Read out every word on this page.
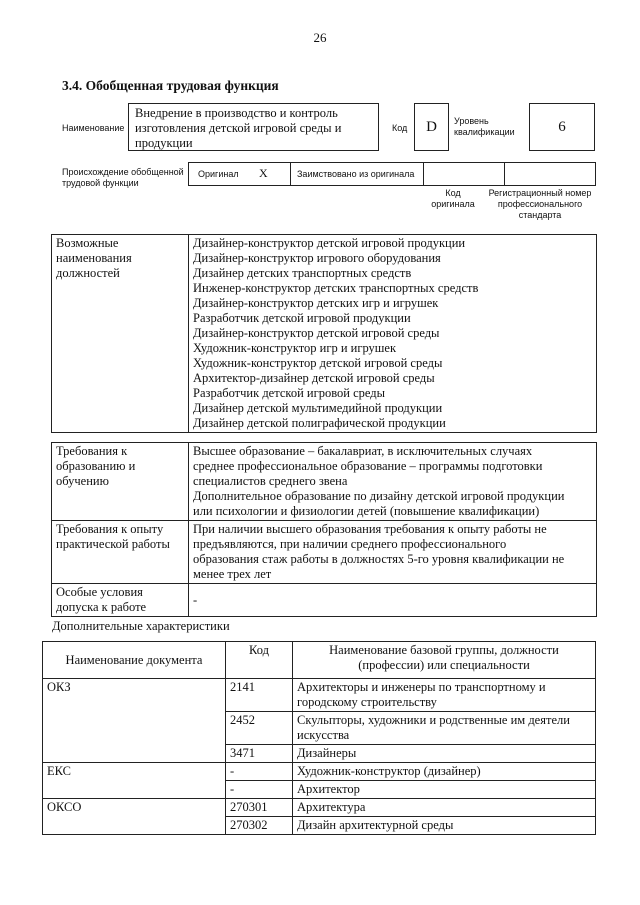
26
3.4. Обобщенная трудовая функция
Наименование
Внедрение в производство и контроль изготовления детской игровой среды и продукции
Код	D	Уровень квалификации	6
Происхождение обобщенной трудовой функции
Оригинал X	Заимствовано из оригинала
Код оригинала
Регистрационный номер профессионального стандарта
Возможные наименования должностей	
Дизайнер-конструктор детской игровой продукции
Дизайнер-конструктор игрового оборудования
Дизайнер детских транспортных средств
Инженер-конструктор детских транспортных средств
Дизайнер-конструктор детских игр и игрушек
Разработчик детской игровой продукции
Дизайнер-конструктор детской игровой среды
Художник-конструктор игр и игрушек
Художник-конструктор детской игровой среды
Архитектор-дизайнер детской игровой среды
Разработчик детской игровой среды
Дизайнер детской мультимедийной продукции
Дизайнер детской полиграфической продукции
Требования к образованию и обучению	Высшее образование – бакалавриат, в исключительных случаях
среднее профессиональное образование – программы подготовки
специалистов среднего звена
Дополнительное образование по дизайну детской игровой продукции
или психологии и физиологии детей (повышение квалификации)

Требования к опыту практической работы	При наличии высшего образования требования к опыту работы не
предъявляются, при наличии среднего профессионального
образования стаж работы в должностях 5-го уровня квалификации не
менее трех лет

Особые условия допуска к работе	-
Дополнительные характеристики
Наименование документа	Код	Наименование базовой группы, должности (профессии) или специальности
ОКЗ	2141	Архитекторы и инженеры по транспортному и городскому строительству
	2452	Скульпторы, художники и родственные им деятели искусства
	3471	Дизайнеры
ЕКС	-	Художник-конструктор (дизайнер)
	-	Архитектор
ОКСО	270301	Архитектура
	270302	Дизайн архитектурной среды
